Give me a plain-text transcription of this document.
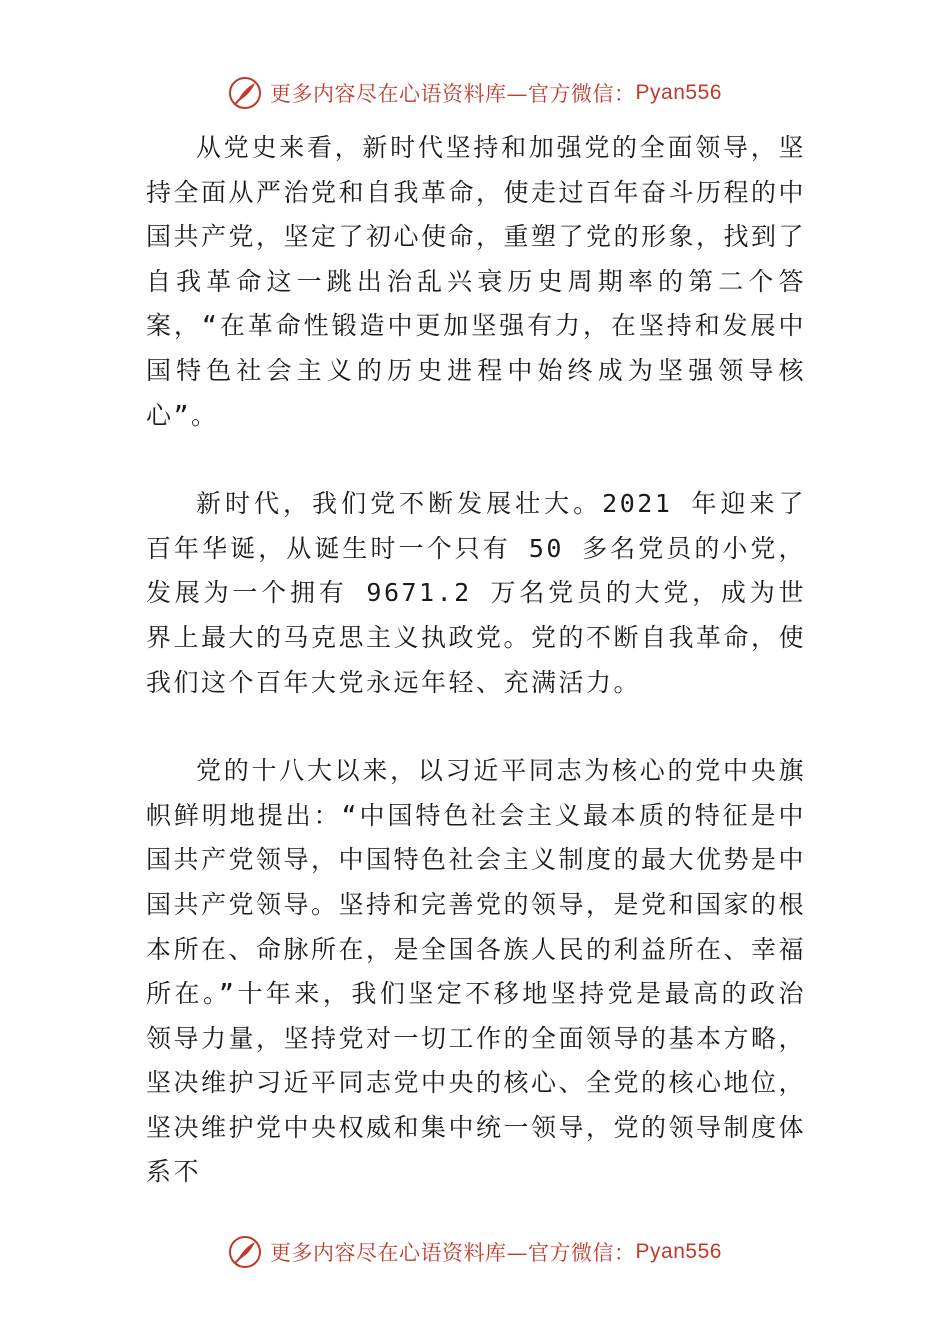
更多内容尽在心语资料库—官方微信： Pyan556

从党史来看，新时代坚持和加强党的全面领导，坚持全面从严治党和自我革命，使走过百年奋斗历程的中国共产党，坚定了初心使命，重塑了党的形象，找到了自我革命这一跳出治乱兴衰历史周期率的第二个答案，“在革命性锻造中更加坚强有力，在坚持和发展中国特色社会主义的历史进程中始终成为坚强领导核心”。

新时代，我们党不断发展壮大。2021 年迎来了百年华诞，从诞生时一个只有 50 多名党员的小党，发展为一个拥有 9671.2 万名党员的大党，成为世界上最大的马克思主义执政党。党的不断自我革命，使我们这个百年大党永远年轻、充满活力。

党的十八大以来，以习近平同志为核心的党中央旗帜鲜明地提出：“中国特色社会主义最本质的特征是中国共产党领导，中国特色社会主义制度的最大优势是中国共产党领导。坚持和完善党的领导，是党和国家的根本所在、命脉所在，是全国各族人民的利益所在、幸福所在。”十年来，我们坚定不移地坚持党是最高的政治领导力量，坚持党对一切工作的全面领导的基本方略，坚决维护习近平同志党中央的核心、全党的核心地位，坚决维护党中央权威和集中统一领导，党的领导制度体系不

更多内容尽在心语资料库—官方微信： Pyan556
